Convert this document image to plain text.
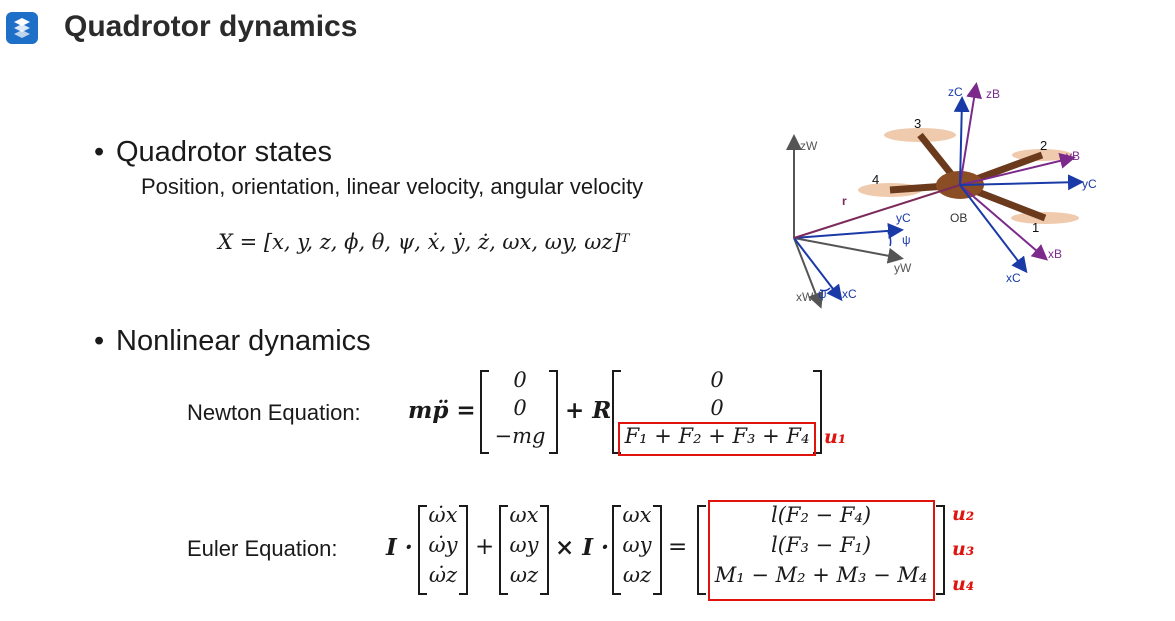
Quadrotor dynamics
• Quadrotor states
Position, orientation, linear velocity, angular velocity
X = [x, y, z, ϕ, θ, ψ, ẋ, ẏ, ż, ωx, ωy, ωz]ᵀ
• Nonlinear dynamics
Newton Equation: mp̈ =
0
0
−mg
+ R
0
0
F₁ + F₂ + F₃ + F₄ u₁
Euler Equation: I ·
ω̇x
ω̇y
ω̇z
+
ωx
ωy
ωz
× I ·
ωx
ωy
ωz
=
l(F₂ − F₄)
l(F₃ − F₁)
M₁ − M₂ + M₃ − M₄
u₂
u₃
u₄
zW
yW
xW
yC
xC
ψ
ψ
r
OB
zC zB
yB
yC
xB
xC
1
2
3
4
